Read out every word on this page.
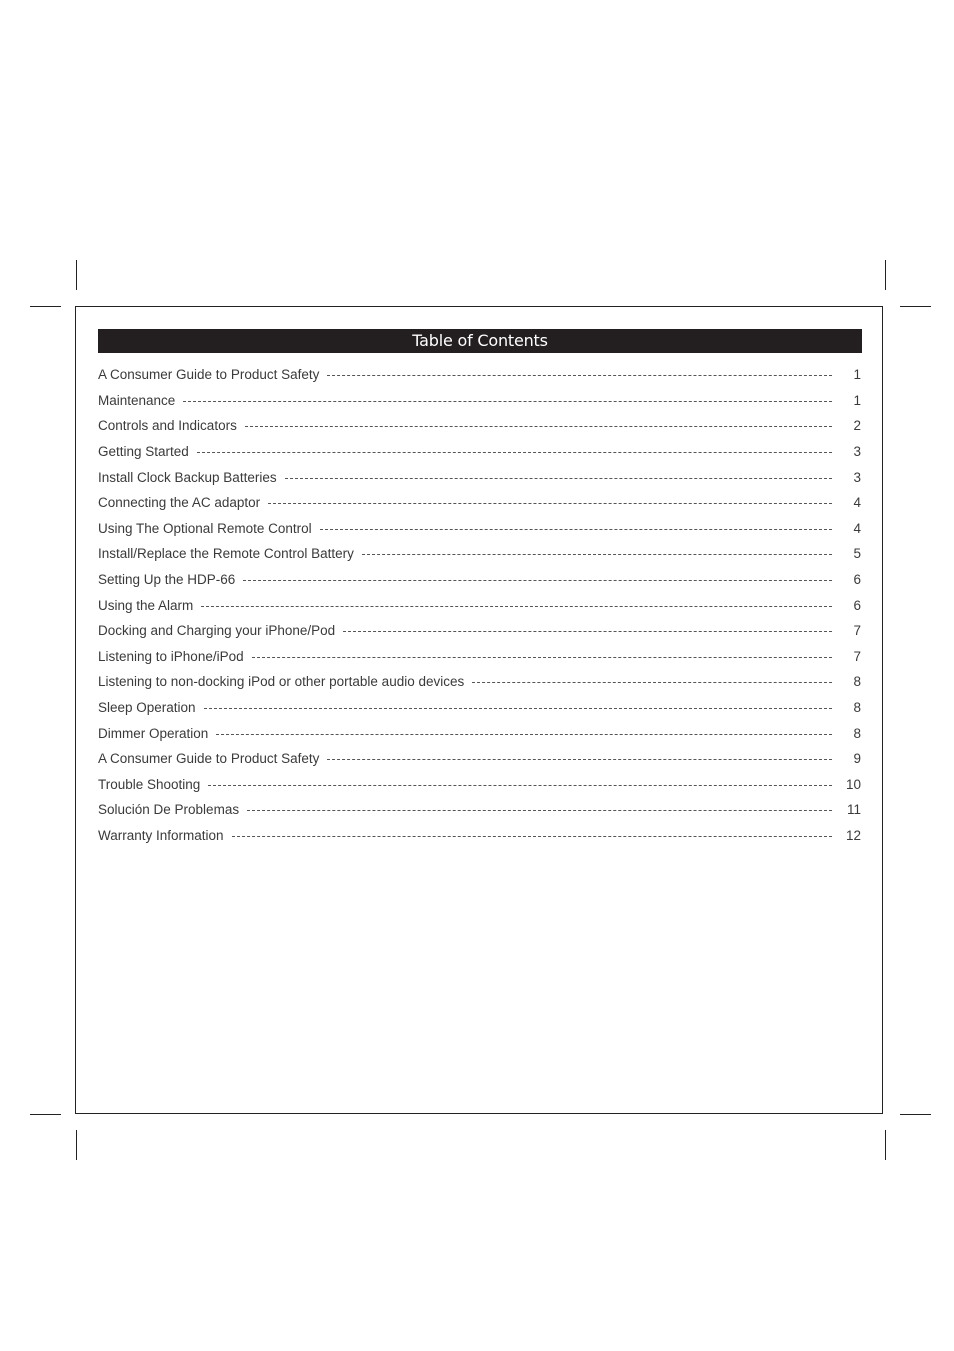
Table of Contents
A Consumer Guide to Product Safety	1
Maintenance	1
Controls and Indicators	2
Getting Started	3
Install Clock Backup Batteries	3
Connecting the AC adaptor	4
Using The Optional Remote Control	4
Install/Replace the Remote Control Battery	5
Setting Up the HDP-66	6
Using the Alarm	6
Docking and Charging your iPhone/Pod	7
Listening to iPhone/iPod	7
Listening to non-docking iPod or other portable audio devices	8
Sleep Operation	8
Dimmer Operation	8
A Consumer Guide to Product Safety	9
Trouble Shooting	10
Solución De Problemas	11
Warranty Information	12
